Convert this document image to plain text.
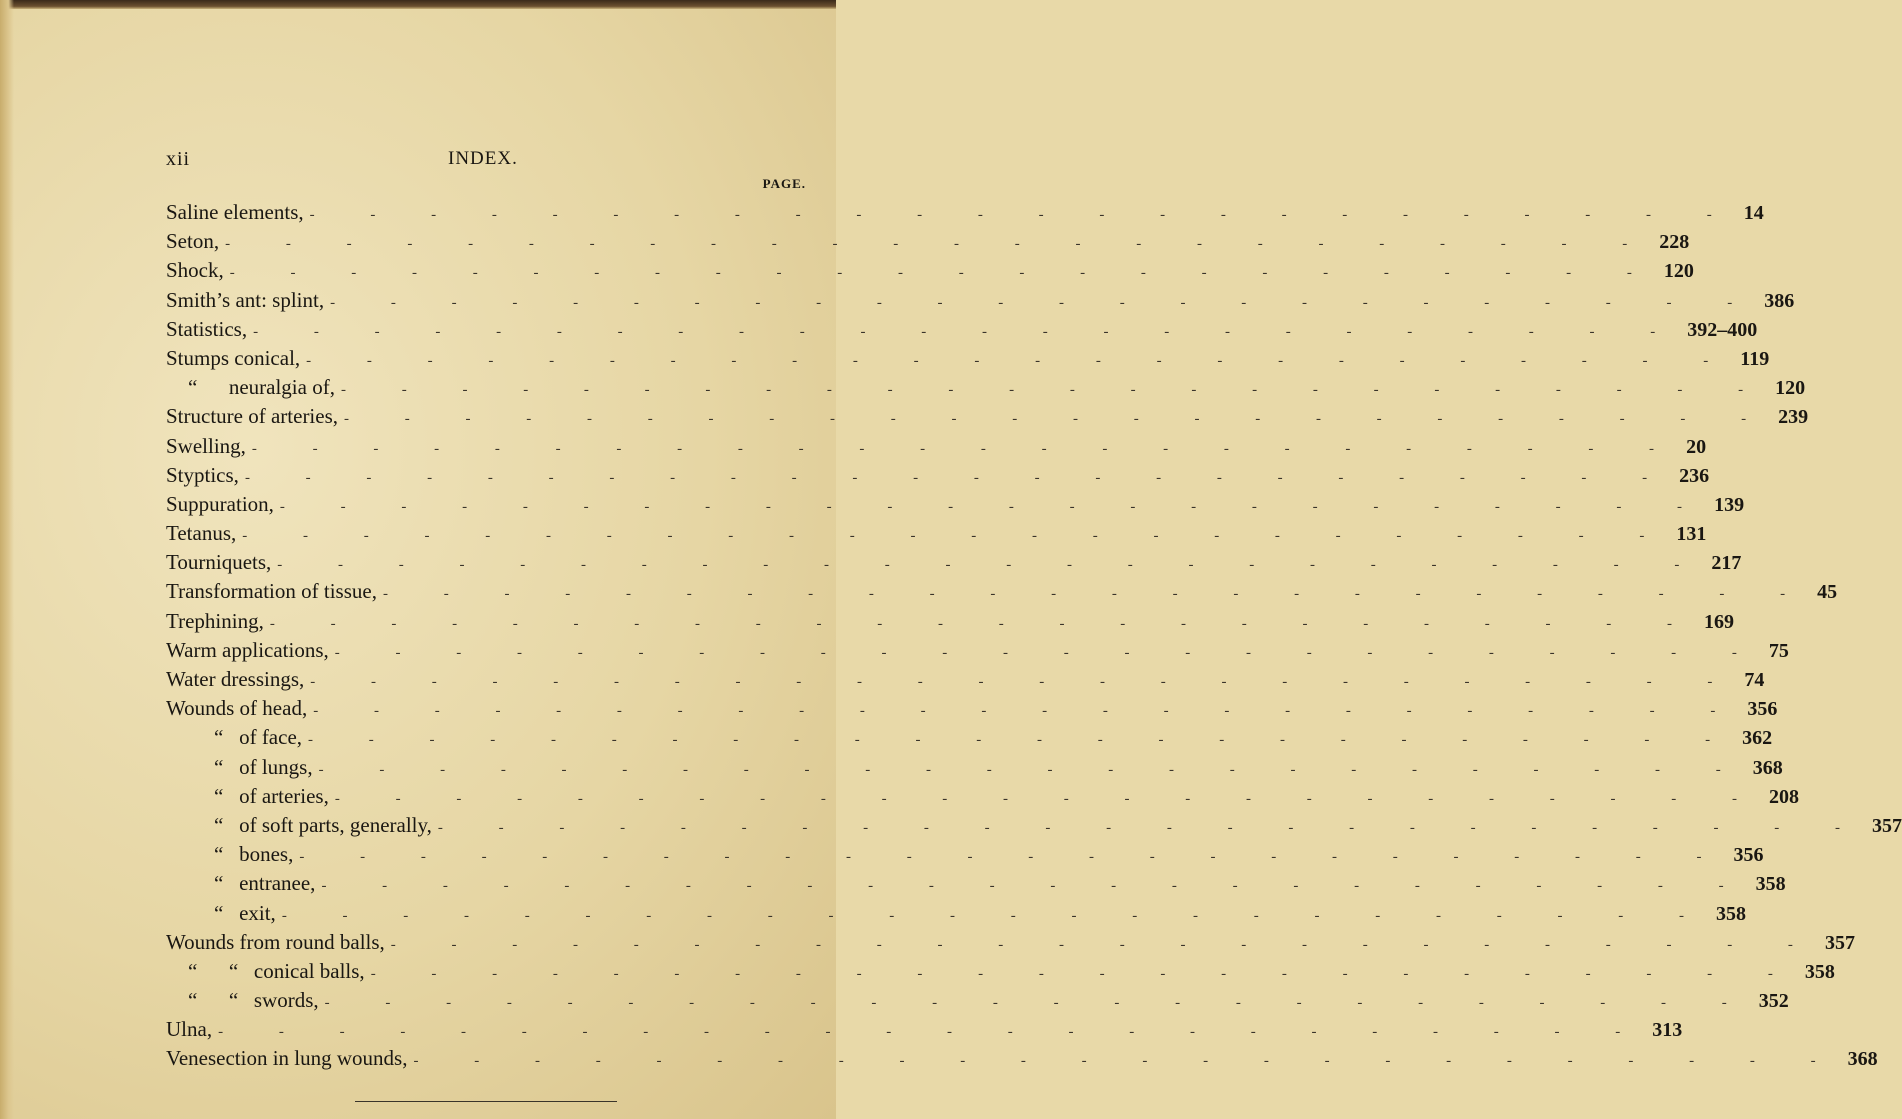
xii	INDEX.
PAGE.
Saline elements, - - - - - - - - - - - - - - - - - - - - - - - - 14
Seton, - - - - - - - - - - - - - - - - - - - - - - - - 228
Shock, - - - - - - - - - - - - - - - - - - - - - - - - 120
Smith’s ant: splint, - - - - - - - - - - - - - - - - - - - - - - - - 386
Statistics, - - - - - - - - - - - - - - - - - - - - - - - - 392–400
Stumps conical, - - - - - - - - - - - - - - - - - - - - - - - - 119
“      neuralgia of, - - - - - - - - - - - - - - - - - - - - - - - - 120
Structure of arteries, - - - - - - - - - - - - - - - - - - - - - - - - 239
Swelling, - - - - - - - - - - - - - - - - - - - - - - - - 20
Styptics, - - - - - - - - - - - - - - - - - - - - - - - - 236
Suppuration, - - - - - - - - - - - - - - - - - - - - - - - - 139
Tetanus, - - - - - - - - - - - - - - - - - - - - - - - - 131
Tourniquets, - - - - - - - - - - - - - - - - - - - - - - - - 217
Transformation of tissue, - - - - - - - - - - - - - - - - - - - - - - - - 45
Trephining, - - - - - - - - - - - - - - - - - - - - - - - - 169
Warm applications, - - - - - - - - - - - - - - - - - - - - - - - - 75
Water dressings, - - - - - - - - - - - - - - - - - - - - - - - - 74
Wounds of head, - - - - - - - - - - - - - - - - - - - - - - - - 356
“   of face, - - - - - - - - - - - - - - - - - - - - - - - - 362
“   of lungs, - - - - - - - - - - - - - - - - - - - - - - - - 368
“   of arteries, - - - - - - - - - - - - - - - - - - - - - - - - 208
“   of soft parts, generally, - - - - - - - - - - - - - - - - - - - - - - - - 357
“   bones, - - - - - - - - - - - - - - - - - - - - - - - - 356
“   entranee, - - - - - - - - - - - - - - - - - - - - - - - - 358
“   exit, - - - - - - - - - - - - - - - - - - - - - - - - 358
Wounds from round balls, - - - - - - - - - - - - - - - - - - - - - - - - 357
“      “   conical balls, - - - - - - - - - - - - - - - - - - - - - - - - 358
“      “   swords, - - - - - - - - - - - - - - - - - - - - - - - - 352
Ulna, - - - - - - - - - - - - - - - - - - - - - - - - 313
Venesection in lung wounds, - - - - - - - - - - - - - - - - - - - - - - - - 368
